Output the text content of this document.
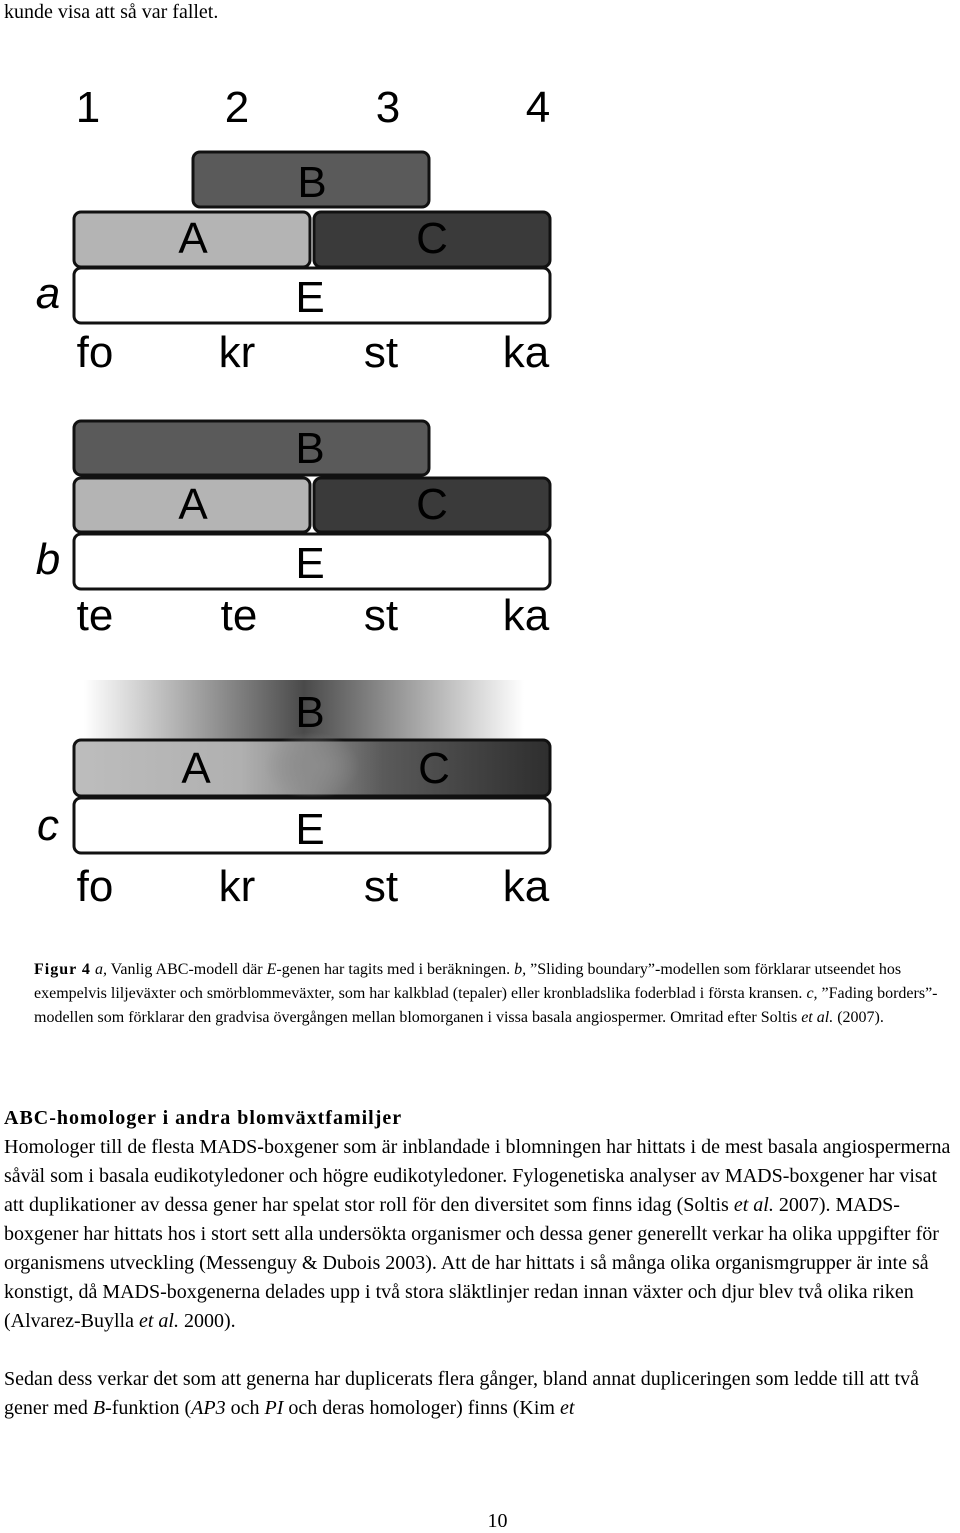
kunde visa att så var fallet.
1	2	3	4
B
A	C
E
a
fo kr st ka
B
A	C
E
b
te te st ka
B
A	C
E
c
fo kr st ka
Figur 4 a, Vanlig ABC-modell där E-genen har tagits med i beräkningen. b, ”Sliding boundary”-modellen som förklarar utseendet hos exempelvis liljeväxter och smörblommeväxter, som har kalkblad (tepaler) eller kronbladslika foderblad i första kransen. c, ”Fading borders”-modellen som förklarar den gradvisa övergången mellan blomorganen i vissa basala angiospermer. Omritad efter Soltis et al. (2007).
ABC-homologer i andra blomväxtfamiljer

Homologer till de flesta MADS-boxgener som är inblandade i blomningen har hittats i de mest basala angiospermerna såväl som i basala eudikotyledoner och högre eudikotyledoner. Fylogenetiska analyser av MADS-boxgener har visat att duplikationer av dessa gener har spelat stor roll för den diversitet som finns idag (Soltis et al. 2007). MADS-boxgener har hittats hos i stort sett alla undersökta organismer och dessa gener generellt verkar ha olika uppgifter för organismens utveckling (Messenguy & Dubois 2003). Att de har hittats i så många olika organismgrupper är inte så konstigt, då MADS-boxgenerna delades upp i två stora släktlinjer redan innan växter och djur blev två olika riken (Alvarez-Buylla et al. 2000).

Sedan dess verkar det som att generna har duplicerats flera gånger, bland annat dupliceringen som ledde till att två gener med B-funktion (AP3 och PI och deras homologer) finns (Kim et

10
